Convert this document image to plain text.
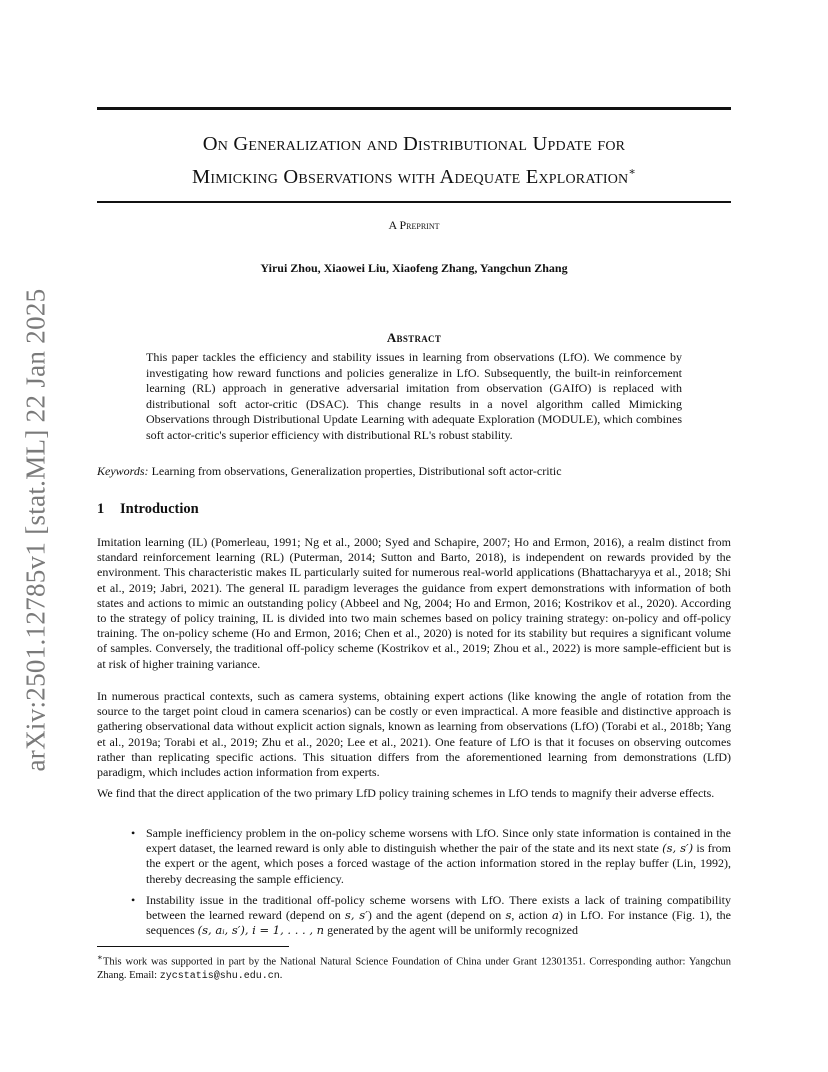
arXiv:2501.12785v1 [stat.ML] 22 Jan 2025
On Generalization and Distributional Update for
Mimicking Observations with Adequate Exploration∗
A Preprint
Yirui Zhou, Xiaowei Liu, Xiaofeng Zhang, Yangchun Zhang
Abstract
This paper tackles the efficiency and stability issues in learning from observations (LfO). We commence by investigating how reward functions and policies generalize in LfO. Subsequently, the built-in reinforcement learning (RL) approach in generative adversarial imitation from observation (GAIfO) is replaced with distributional soft actor-critic (DSAC). This change results in a novel algorithm called Mimicking Observations through Distributional Update Learning with adequate Exploration (MODULE), which combines soft actor-critic's superior efficiency with distributional RL's robust stability.
Keywords: Learning from observations, Generalization properties, Distributional soft actor-critic
1 Introduction
Imitation learning (IL) (Pomerleau, 1991; Ng et al., 2000; Syed and Schapire, 2007; Ho and Ermon, 2016), a realm distinct from standard reinforcement learning (RL) (Puterman, 2014; Sutton and Barto, 2018), is independent on rewards provided by the environment. This characteristic makes IL particularly suited for numerous real-world applications (Bhattacharyya et al., 2018; Shi et al., 2019; Jabri, 2021). The general IL paradigm leverages the guidance from expert demonstrations with information of both states and actions to mimic an outstanding policy (Abbeel and Ng, 2004; Ho and Ermon, 2016; Kostrikov et al., 2020). According to the strategy of policy training, IL is divided into two main schemes based on policy training strategy: on-policy and off-policy training. The on-policy scheme (Ho and Ermon, 2016; Chen et al., 2020) is noted for its stability but requires a significant volume of samples. Conversely, the traditional off-policy scheme (Kostrikov et al., 2019; Zhou et al., 2022) is more sample-efficient but is at risk of higher training variance.
In numerous practical contexts, such as camera systems, obtaining expert actions (like knowing the angle of rotation from the source to the target point cloud in camera scenarios) can be costly or even impractical. A more feasible and distinctive approach is gathering observational data without explicit action signals, known as learning from observations (LfO) (Torabi et al., 2018b; Yang et al., 2019a; Torabi et al., 2019; Zhu et al., 2020; Lee et al., 2021). One feature of LfO is that it focuses on observing outcomes rather than replicating specific actions. This situation differs from the aforementioned learning from demonstrations (LfD) paradigm, which includes action information from experts.
We find that the direct application of the two primary LfD policy training schemes in LfO tends to magnify their adverse effects.
• Sample inefficiency problem in the on-policy scheme worsens with LfO. Since only state information is contained in the expert dataset, the learned reward is only able to distinguish whether the pair of the state and its next state (s, s′) is from the expert or the agent, which poses a forced wastage of the action information stored in the replay buffer (Lin, 1992), thereby decreasing the sample efficiency.
• Instability issue in the traditional off-policy scheme worsens with LfO. There exists a lack of training compatibility between the learned reward (depend on s, s′) and the agent (depend on s, action a) in LfO. For instance (Fig. 1), the sequences (s, aᵢ, s′), i = 1, . . . , n generated by the agent will be uniformly recognized
∗This work was supported in part by the National Natural Science Foundation of China under Grant 12301351. Corresponding author: Yangchun Zhang. Email: zycstatis@shu.edu.cn.
